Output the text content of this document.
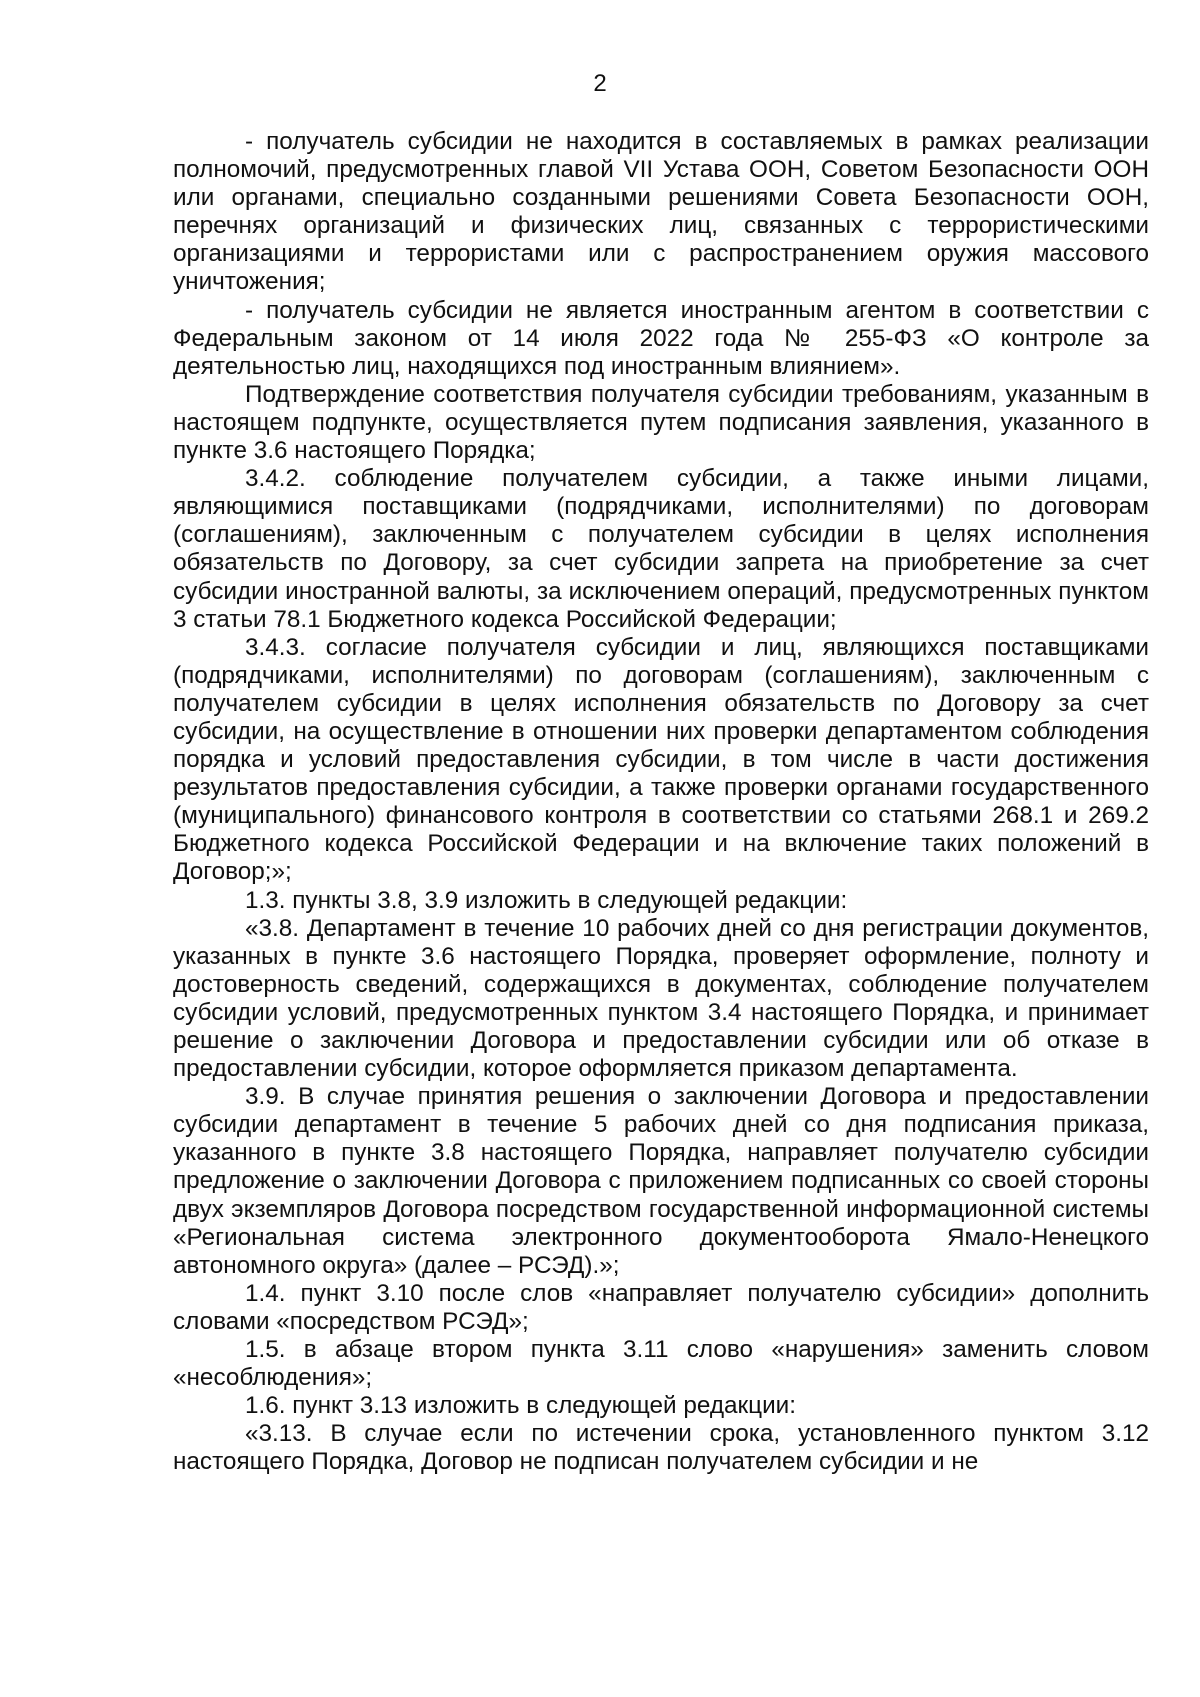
2

- получатель субсидии не находится в составляемых в рамках реализации полномочий, предусмотренных главой VII Устава ООН, Советом Безопасности ООН или органами, специально созданными решениями Совета Безопасности ООН, перечнях организаций и физических лиц, связанных с террористическими организациями и террористами или с распространением оружия массового уничтожения;

- получатель субсидии не является иностранным агентом в соответствии с Федеральным законом от 14 июля 2022 года № 255-ФЗ «О контроле за деятельностью лиц, находящихся под иностранным влиянием».

Подтверждение соответствия получателя субсидии требованиям, указанным в настоящем подпункте, осуществляется путем подписания заявления, указанного в пункте 3.6 настоящего Порядка;

3.4.2. соблюдение получателем субсидии, а также иными лицами, являющимися поставщиками (подрядчиками, исполнителями) по договорам (соглашениям), заключенным с получателем субсидии в целях исполнения обязательств по Договору, за счет субсидии запрета на приобретение за счет субсидии иностранной валюты, за исключением операций, предусмотренных пунктом 3 статьи 78.1 Бюджетного кодекса Российской Федерации;

3.4.3. согласие получателя субсидии и лиц, являющихся поставщиками (подрядчиками, исполнителями) по договорам (соглашениям), заключенным с получателем субсидии в целях исполнения обязательств по Договору за счет субсидии, на осуществление в отношении них проверки департаментом соблюдения порядка и условий предоставления субсидии, в том числе в части достижения результатов предоставления субсидии, а также проверки органами государственного (муниципального) финансового контроля в соответствии со статьями 268.1 и 269.2 Бюджетного кодекса Российской Федерации и на включение таких положений в Договор;»;

1.3. пункты 3.8, 3.9 изложить в следующей редакции:

«3.8. Департамент в течение 10 рабочих дней со дня регистрации документов, указанных в пункте 3.6 настоящего Порядка, проверяет оформление, полноту и достоверность сведений, содержащихся в документах, соблюдение получателем субсидии условий, предусмотренных пунктом 3.4 настоящего Порядка, и принимает решение о заключении Договора и предоставлении субсидии или об отказе в предоставлении субсидии, которое оформляется приказом департамента.

3.9. В случае принятия решения о заключении Договора и предоставлении субсидии департамент в течение 5 рабочих дней со дня подписания приказа, указанного в пункте 3.8 настоящего Порядка, направляет получателю субсидии предложение о заключении Договора с приложением подписанных со своей стороны двух экземпляров Договора посредством государственной информационной системы «Региональная система электронного документооборота Ямало-Ненецкого автономного округа» (далее – РСЭД).»;

1.4. пункт 3.10 после слов «направляет получателю субсидии» дополнить словами «посредством РСЭД»;

1.5. в абзаце втором пункта 3.11 слово «нарушения» заменить словом «несоблюдения»;

1.6. пункт 3.13 изложить в следующей редакции:

«3.13. В случае если по истечении срока, установленного пунктом 3.12 настоящего Порядка, Договор не подписан получателем субсидии и не
